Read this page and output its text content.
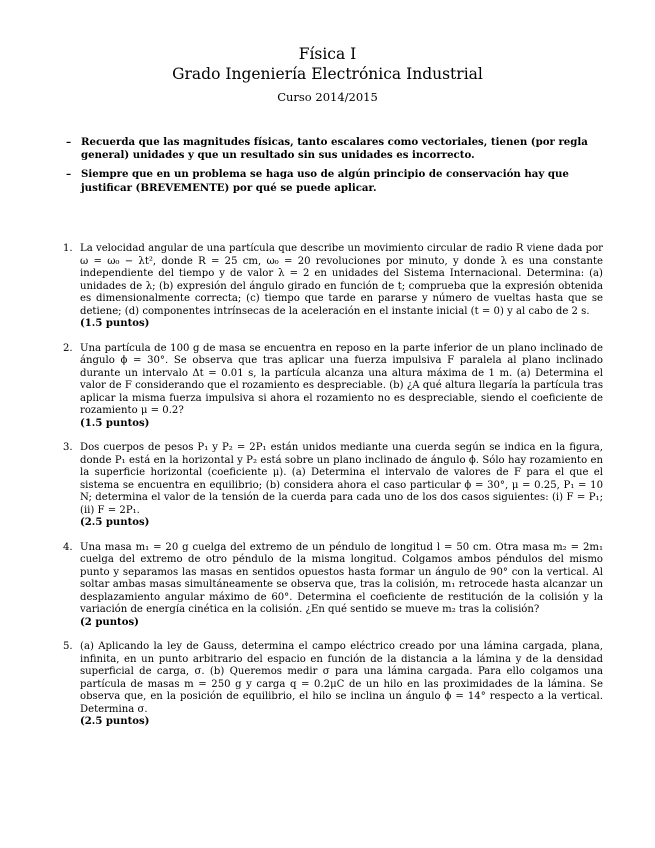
Física I
Grado Ingeniería Electrónica Industrial
Curso 2014/2015
– Recuerda que las magnitudes físicas, tanto escalares como vectoriales, tienen (por regla general) unidades y que un resultado sin sus unidades es incorrecto.
– Siempre que en un problema se haga uso de algún principio de conservación hay que justificar (BREVEMENTE) por qué se puede aplicar.
1. La velocidad angular de una partícula que describe un movimiento circular de radio R viene dada por ω = ω₀ − λt², donde R = 25 cm, ω₀ = 20 revoluciones por minuto, y donde λ es una constante independiente del tiempo y de valor λ = 2 en unidades del Sistema Internacional. Determina: (a) unidades de λ; (b) expresión del ángulo girado en función de t; comprueba que la expresión obtenida es dimensionalmente correcta; (c) tiempo que tarde en pararse y número de vueltas hasta que se detiene; (d) componentes intrínsecas de la aceleración en el instante inicial (t = 0) y al cabo de 2 s.
(1.5 puntos)
2. Una partícula de 100 g de masa se encuentra en reposo en la parte inferior de un plano inclinado de ángulo ϕ = 30°. Se observa que tras aplicar una fuerza impulsiva F paralela al plano inclinado durante un intervalo Δt = 0.01 s, la partícula alcanza una altura máxima de 1 m. (a) Determina el valor de F considerando que el rozamiento es despreciable. (b) ¿A qué altura llegaría la partícula tras aplicar la misma fuerza impulsiva si ahora el rozamiento no es despreciable, siendo el coeficiente de rozamiento μ = 0.2?
(1.5 puntos)
3. Dos cuerpos de pesos P₁ y P₂ = 2P₁ están unidos mediante una cuerda según se indica en la figura, donde P₁ está en la horizontal y P₂ está sobre un plano inclinado de ángulo ϕ. Sólo hay rozamiento en la superficie horizontal (coeficiente μ). (a) Determina el intervalo de valores de F para el que el sistema se encuentra en equilibrio; (b) considera ahora el caso particular ϕ = 30°, μ = 0.25, P₁ = 10 N; determina el valor de la tensión de la cuerda para cada uno de los dos casos siguientes: (i) F = P₁; (ii) F = 2P₁.
(2.5 puntos)
4. Una masa m₁ = 20 g cuelga del extremo de un péndulo de longitud l = 50 cm. Otra masa m₂ = 2m₁ cuelga del extremo de otro péndulo de la misma longitud. Colgamos ambos péndulos del mismo punto y separamos las masas en sentidos opuestos hasta formar un ángulo de 90° con la vertical. Al soltar ambas masas simultáneamente se observa que, tras la colisión, m₁ retrocede hasta alcanzar un desplazamiento angular máximo de 60°. Determina el coeficiente de restitución de la colisión y la variación de energía cinética en la colisión. ¿En qué sentido se mueve m₂ tras la colisión?
(2 puntos)
5. (a) Aplicando la ley de Gauss, determina el campo eléctrico creado por una lámina cargada, plana, infinita, en un punto arbitrario del espacio en función de la distancia a la lámina y de la densidad superficial de carga, σ. (b) Queremos medir σ para una lámina cargada. Para ello colgamos una partícula de masas m = 250 g y carga q = 0.2μC de un hilo en las proximidades de la lámina. Se observa que, en la posición de equilibrio, el hilo se inclina un ángulo ϕ = 14° respecto a la vertical. Determina σ.
(2.5 puntos)
